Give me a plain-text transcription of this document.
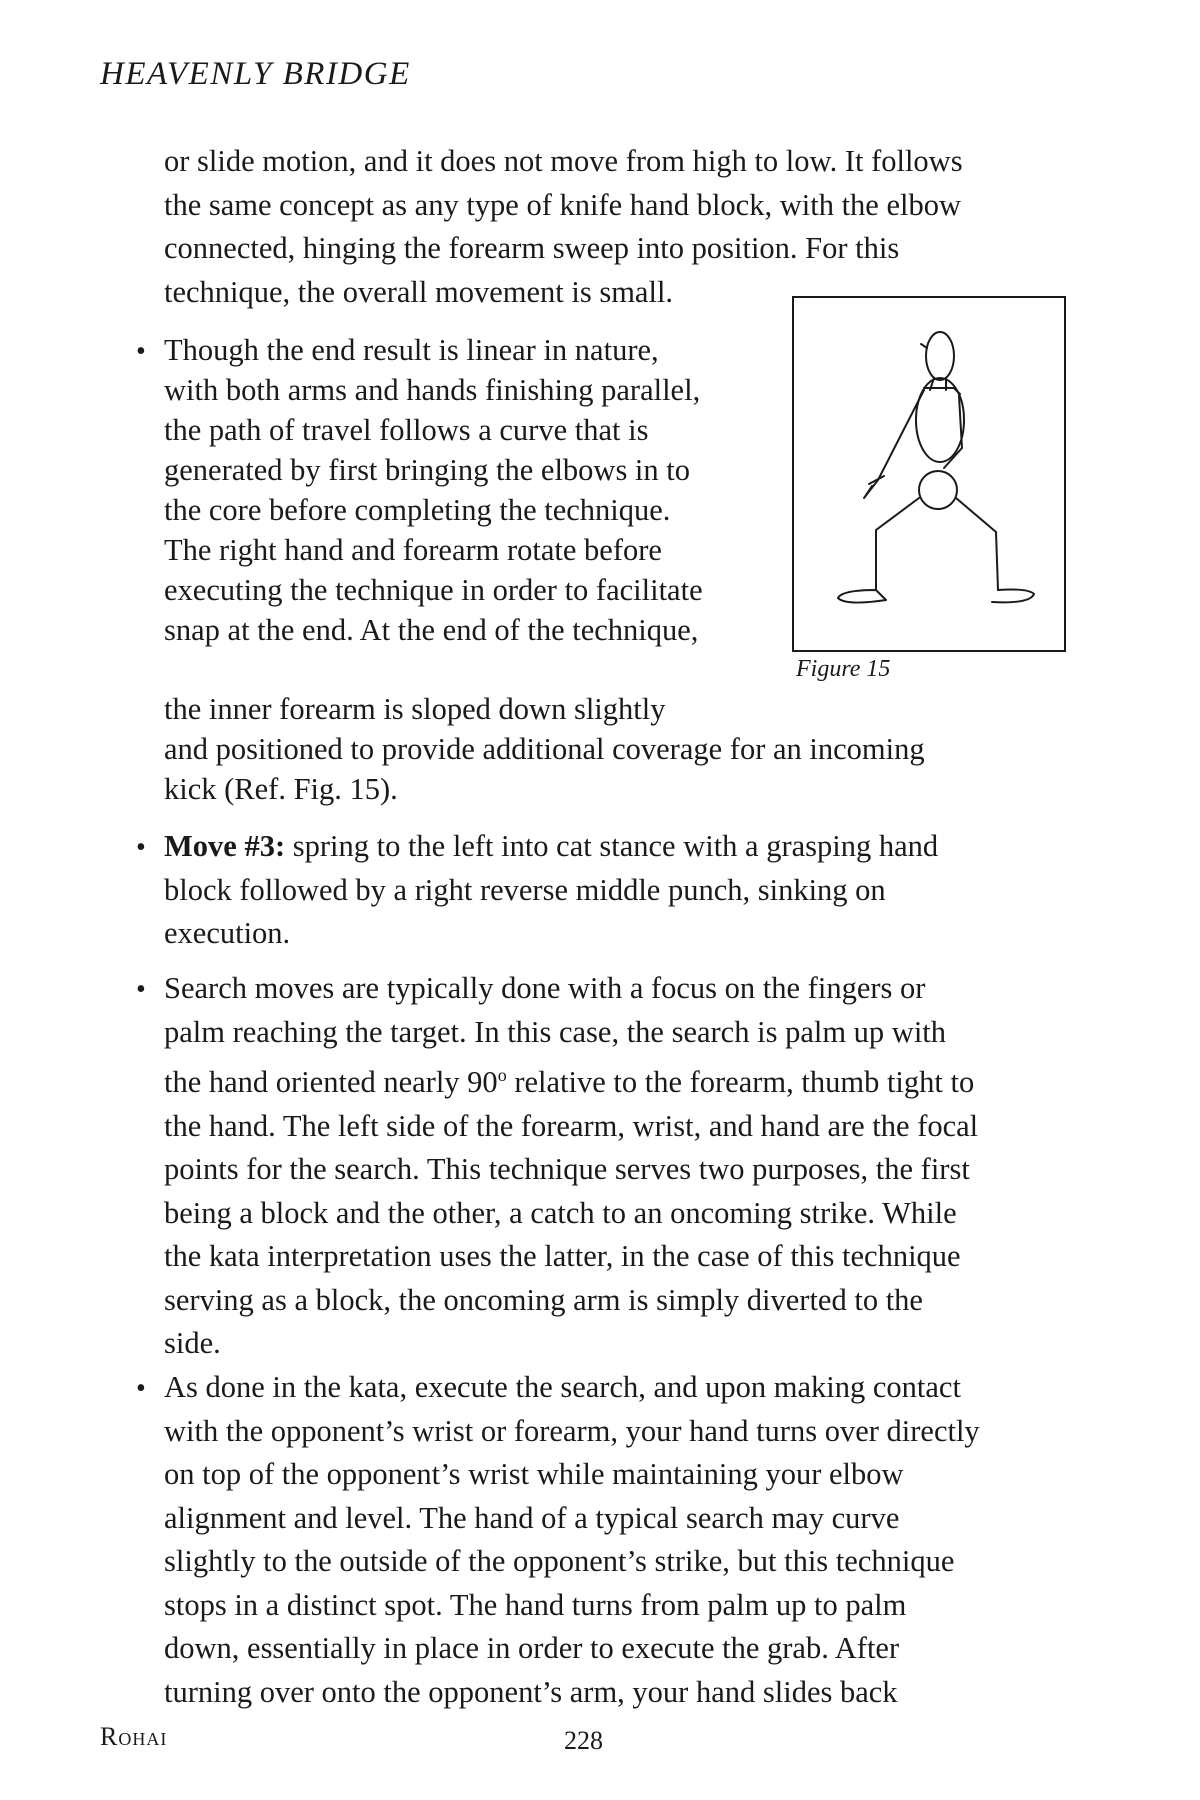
HEAVENLY BRIDGE
or slide motion, and it does not move from high to low. It follows
the same concept as any type of knife hand block, with the elbow
connected, hinging the forearm sweep into position. For this
technique, the overall movement is small.
• Though the end result is linear in nature,
with both arms and hands finishing parallel,
the path of travel follows a curve that is
generated by first bringing the elbows in to
the core before completing the technique.
The right hand and forearm rotate before
executing the technique in order to facilitate
snap at the end. At the end of the technique,
Figure 15
the inner forearm is sloped down slightly
and positioned to provide additional coverage for an incoming
kick (Ref. Fig. 15).
• Move #3: spring to the left into cat stance with a grasping hand
block followed by a right reverse middle punch, sinking on
execution.
• Search moves are typically done with a focus on the fingers or
palm reaching the target. In this case, the search is palm up with
the hand oriented nearly 90$^o$ relative to the forearm, thumb tight to
the hand. The left side of the forearm, wrist, and hand are the focal
points for the search. This technique serves two purposes, the first
being a block and the other, a catch to an oncoming strike. While
the kata interpretation uses the latter, in the case of this technique
serving as a block, the oncoming arm is simply diverted to the
side.
• As done in the kata, execute the search, and upon making contact
with the opponent’s wrist or forearm, your hand turns over directly
on top of the opponent’s wrist while maintaining your elbow
alignment and level. The hand of a typical search may curve
slightly to the outside of the opponent’s strike, but this technique
stops in a distinct spot. The hand turns from palm up to palm
down, essentially in place in order to execute the grab. After
turning over onto the opponent’s arm, your hand slides back
Rohai	228
